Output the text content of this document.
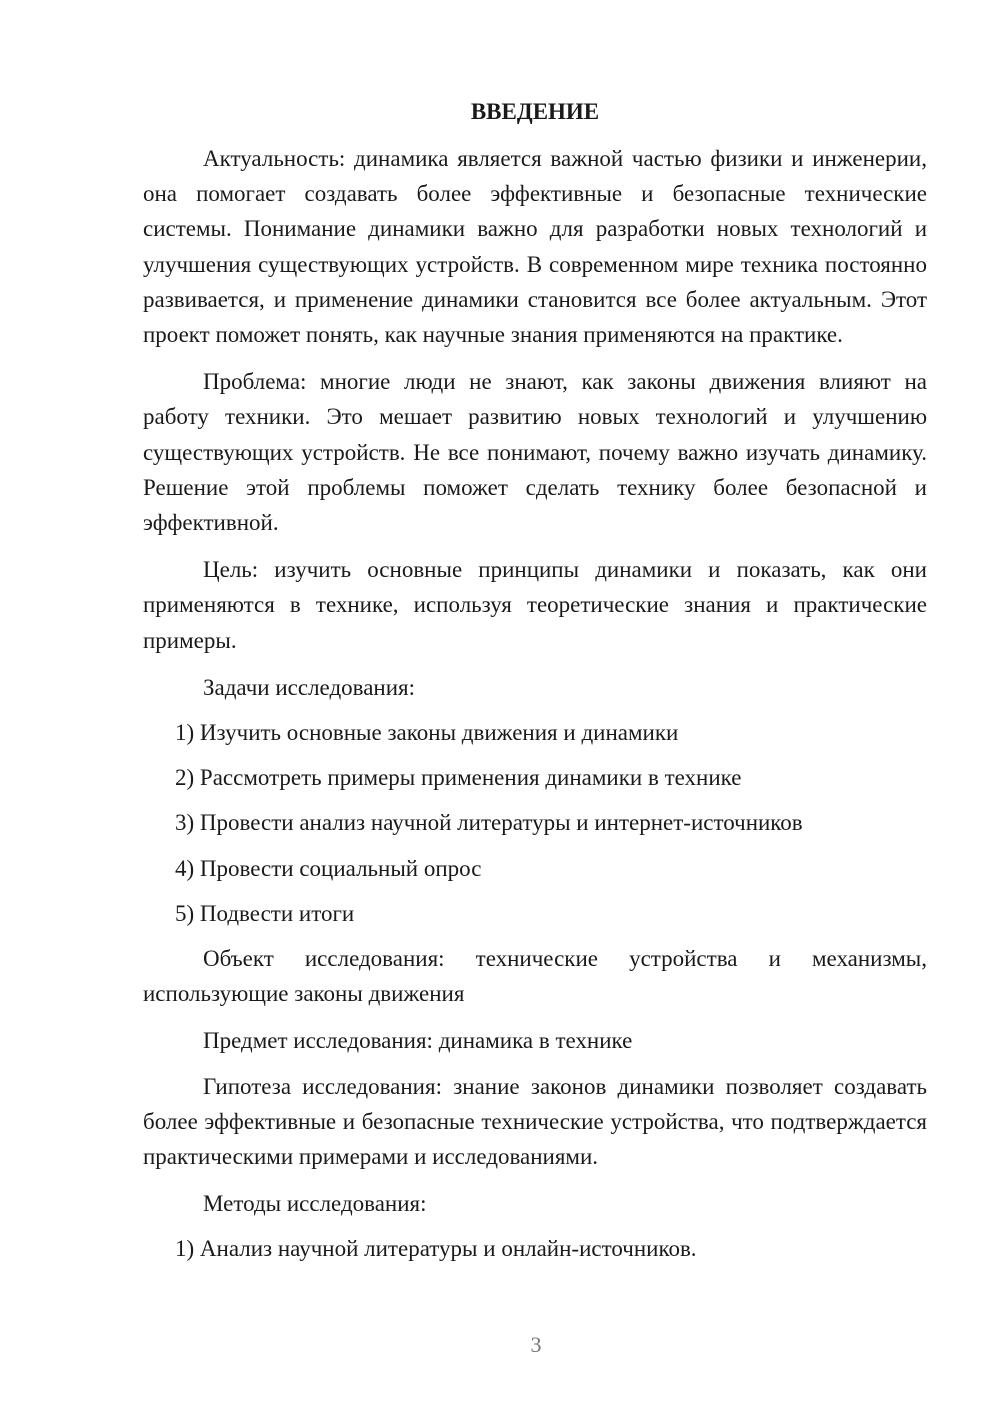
ВВЕДЕНИЕ

Актуальность: динамика является важной частью физики и инженерии, она помогает создавать более эффективные и безопасные технические системы. Понимание динамики важно для разработки новых технологий и улучшения существующих устройств. В современном мире техника постоянно развивается, и применение динамики становится все более актуальным. Этот проект поможет понять, как научные знания применяются на практике.

Проблема: многие люди не знают, как законы движения влияют на работу техники. Это мешает развитию новых технологий и улучшению существующих устройств. Не все понимают, почему важно изучать динамику. Решение этой проблемы поможет сделать технику более безопасной и эффективной.

Цель: изучить основные принципы динамики и показать, как они применяются в технике, используя теоретические знания и практические примеры.

Задачи исследования:

1) Изучить основные законы движения и динамики

2) Рассмотреть примеры применения динамики в технике

3) Провести анализ научной литературы и интернет-источников

4) Провести социальный опрос

5) Подвести итоги

Объект исследования: технические устройства и механизмы, использующие законы движения

Предмет исследования: динамика в технике

Гипотеза исследования: знание законов динамики позволяет создавать более эффективные и безопасные технические устройства, что подтверждается практическими примерами и исследованиями.

Методы исследования:

1) Анализ научной литературы и онлайн-источников.

3
